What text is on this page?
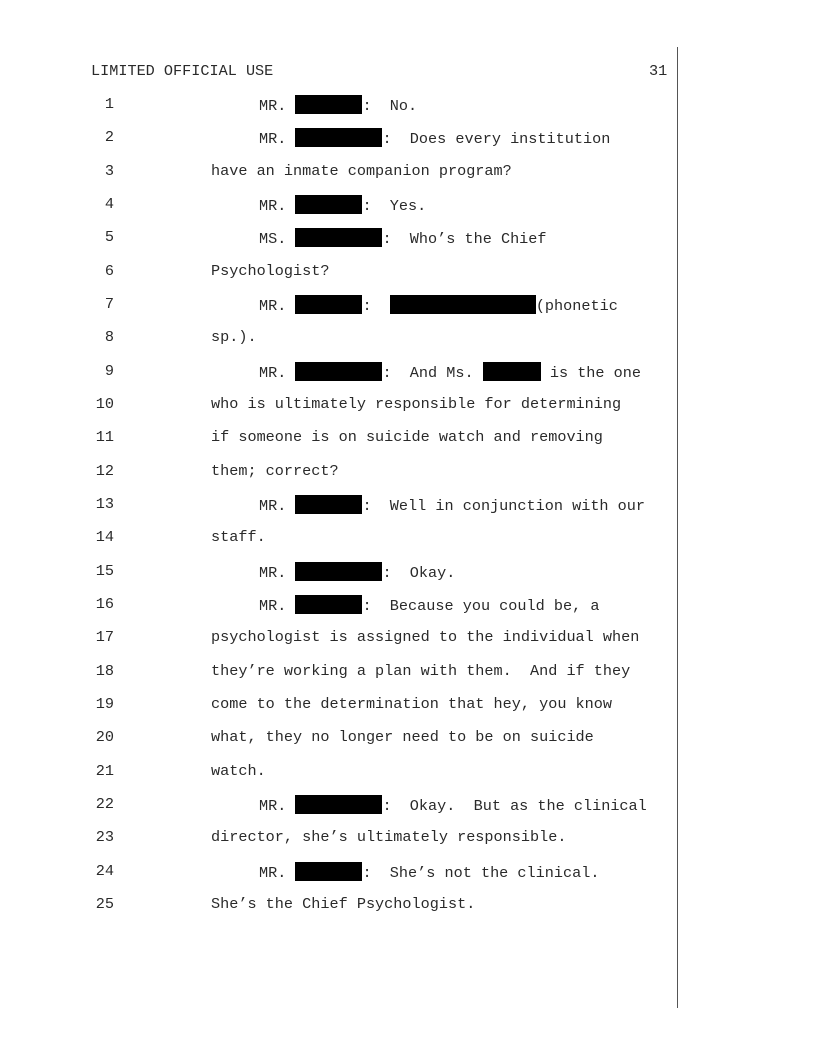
LIMITED OFFICIAL USE	31
1	MR.	:  No.
2	MR.	:  Does every institution
3	have an inmate companion program?
4	MR.	:  Yes.
5	MS.	:  Who’s the Chief
6	Psychologist?
7	MR.	:	(phonetic
8	sp.).
9	MR.	:  And Ms.	is the one
10	who is ultimately responsible for determining
11	if someone is on suicide watch and removing
12	them; correct?
13	MR.	:  Well in conjunction with our
14	staff.
15	MR.	:  Okay.
16	MR.	:  Because you could be, a
17	psychologist is assigned to the individual when
18	they’re working a plan with them.  And if they
19	come to the determination that hey, you know
20	what, they no longer need to be on suicide
21	watch.
22	MR.	:  Okay.  But as the clinical
23	director, she’s ultimately responsible.
24	MR.	:  She’s not the clinical.
25	She’s the Chief Psychologist.
